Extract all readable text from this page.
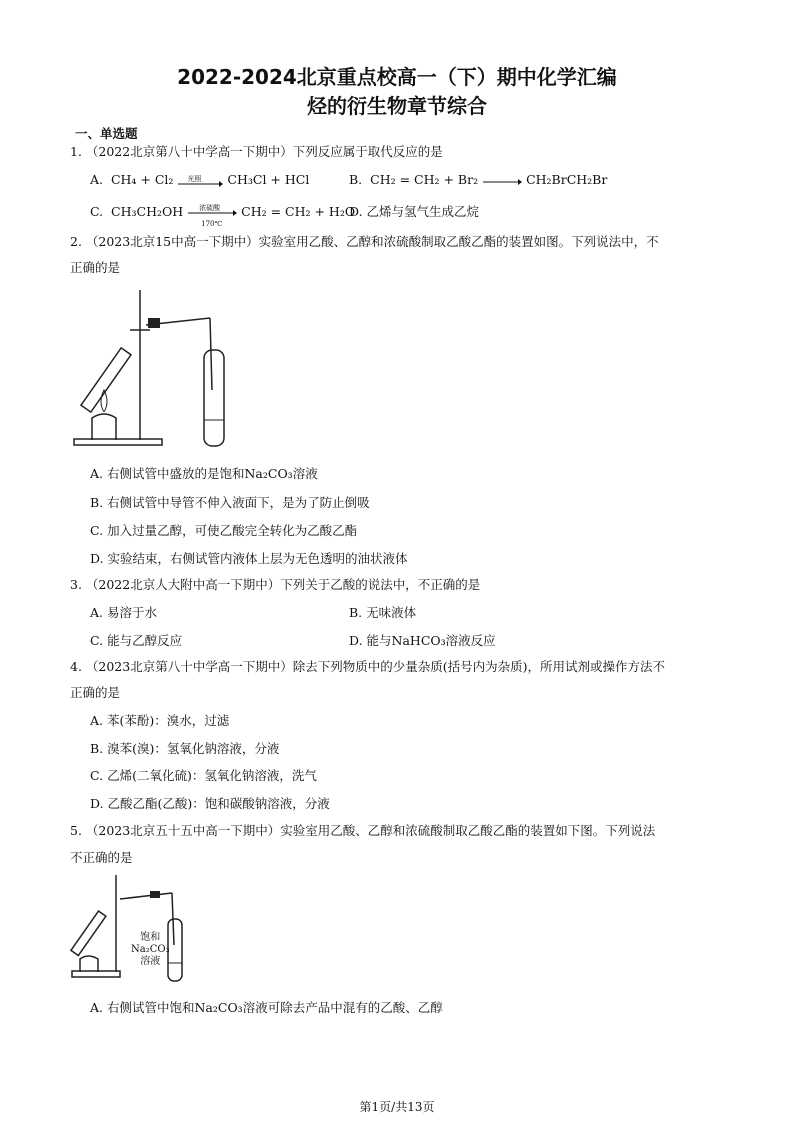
2022-2024北京重点校高一（下）期中化学汇编
烃的衍生物章节综合
一、单选题
1. （2022北京第八十中学高一下期中）下列反应属于取代反应的是
A. CH₄ + Cl₂ 光照 CH₃Cl + HCl	B. CH₂ = CH₂ + Br₂ → CH₂BrCH₂Br
C. CH₃CH₂OH 浓硫酸
170℃
CH₂ = CH₂ + H₂O
D. 乙烯与氢气生成乙烷
2. （2023北京15中高一下期中）实验室用乙酸、乙醇和浓硫酸制取乙酸乙酯的装置如图。下列说法中，不
正确的是
A. 右侧试管中盛放的是饱和Na₂CO₃溶液
B. 右侧试管中导管不伸入液面下，是为了防止倒吸
C. 加入过量乙醇，可使乙酸完全转化为乙酸乙酯
D. 实验结束，右侧试管内液体上层为无色透明的油状液体
3. （2022北京人大附中高一下期中）下列关于乙酸的说法中，不正确的是
A. 易溶于水	B. 无味液体
C. 能与乙醇反应	D. 能与NaHCO₃溶液反应
4. （2023北京第八十中学高一下期中）除去下列物质中的少量杂质(括号内为杂质)，所用试剂或操作方法不
正确的是
A. 苯(苯酚)：溴水，过滤
B. 溴苯(溴)：氢氧化钠溶液，分液
C. 乙烯(二氧化硫)：氢氧化钠溶液，洗气
D. 乙酸乙酯(乙酸)：饱和碳酸钠溶液，分液
5. （2023北京五十五中高一下期中）实验室用乙酸、乙醇和浓硫酸制取乙酸乙酯的装置如下图。下列说法
不正确的是
饱和
Na₂CO₃
溶液
A. 右侧试管中饱和Na₂CO₃溶液可除去产品中混有的乙酸、乙醇
第1页/共13页
